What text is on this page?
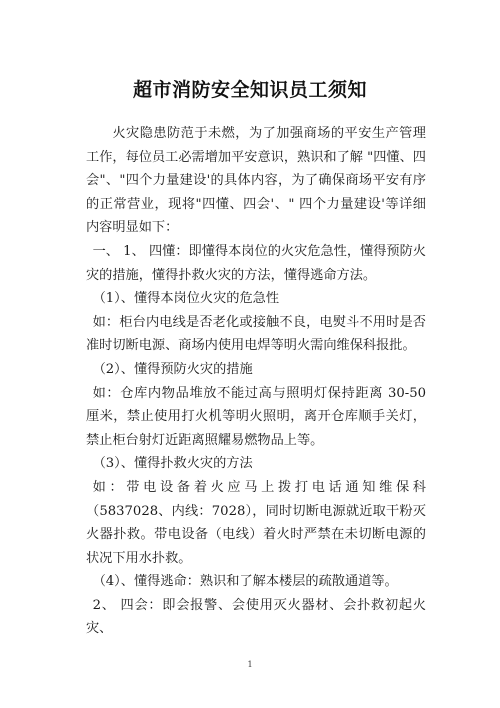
超市消防安全知识员工须知

火灾隐患防范于未燃，为了加强商场的平安生产管理工作，每位员工必需增加平安意识，熟识和了解 "四懂、四会"、"四个力量建设'的具体内容，为了确保商场平安有序的正常营业，现将"四懂、四会'、" 四个力量建设'等详细内容明显如下：

一、 1、 四懂：即懂得本岗位的火灾危急性，懂得预防火灾的措施，懂得扑救火灾的方法，懂得逃命方法。

（1）、懂得本岗位火灾的危急性

如：柜台内电线是否老化或接触不良，电熨斗不用时是否准时切断电源、商场内使用电焊等明火需向维保科报批。

（2）、懂得预防火灾的措施

如：仓库内物品堆放不能过高与照明灯保持距离 30-50 厘米，禁止使用打火机等明火照明，离开仓库顺手关灯，禁止柜台射灯近距离照耀易燃物品上等。

（3）、懂得扑救火灾的方法

如：带电设备着火应马上拨打电话通知维保科（5837028、内线：7028），同时切断电源就近取干粉灭火器扑救。带电设备（电线）着火时严禁在未切断电源的状况下用水扑救。

（4）、懂得逃命：熟识和了解本楼层的疏散通道等。

2、 四会：即会报警、会使用灭火器材、会扑救初起火灾、

1
